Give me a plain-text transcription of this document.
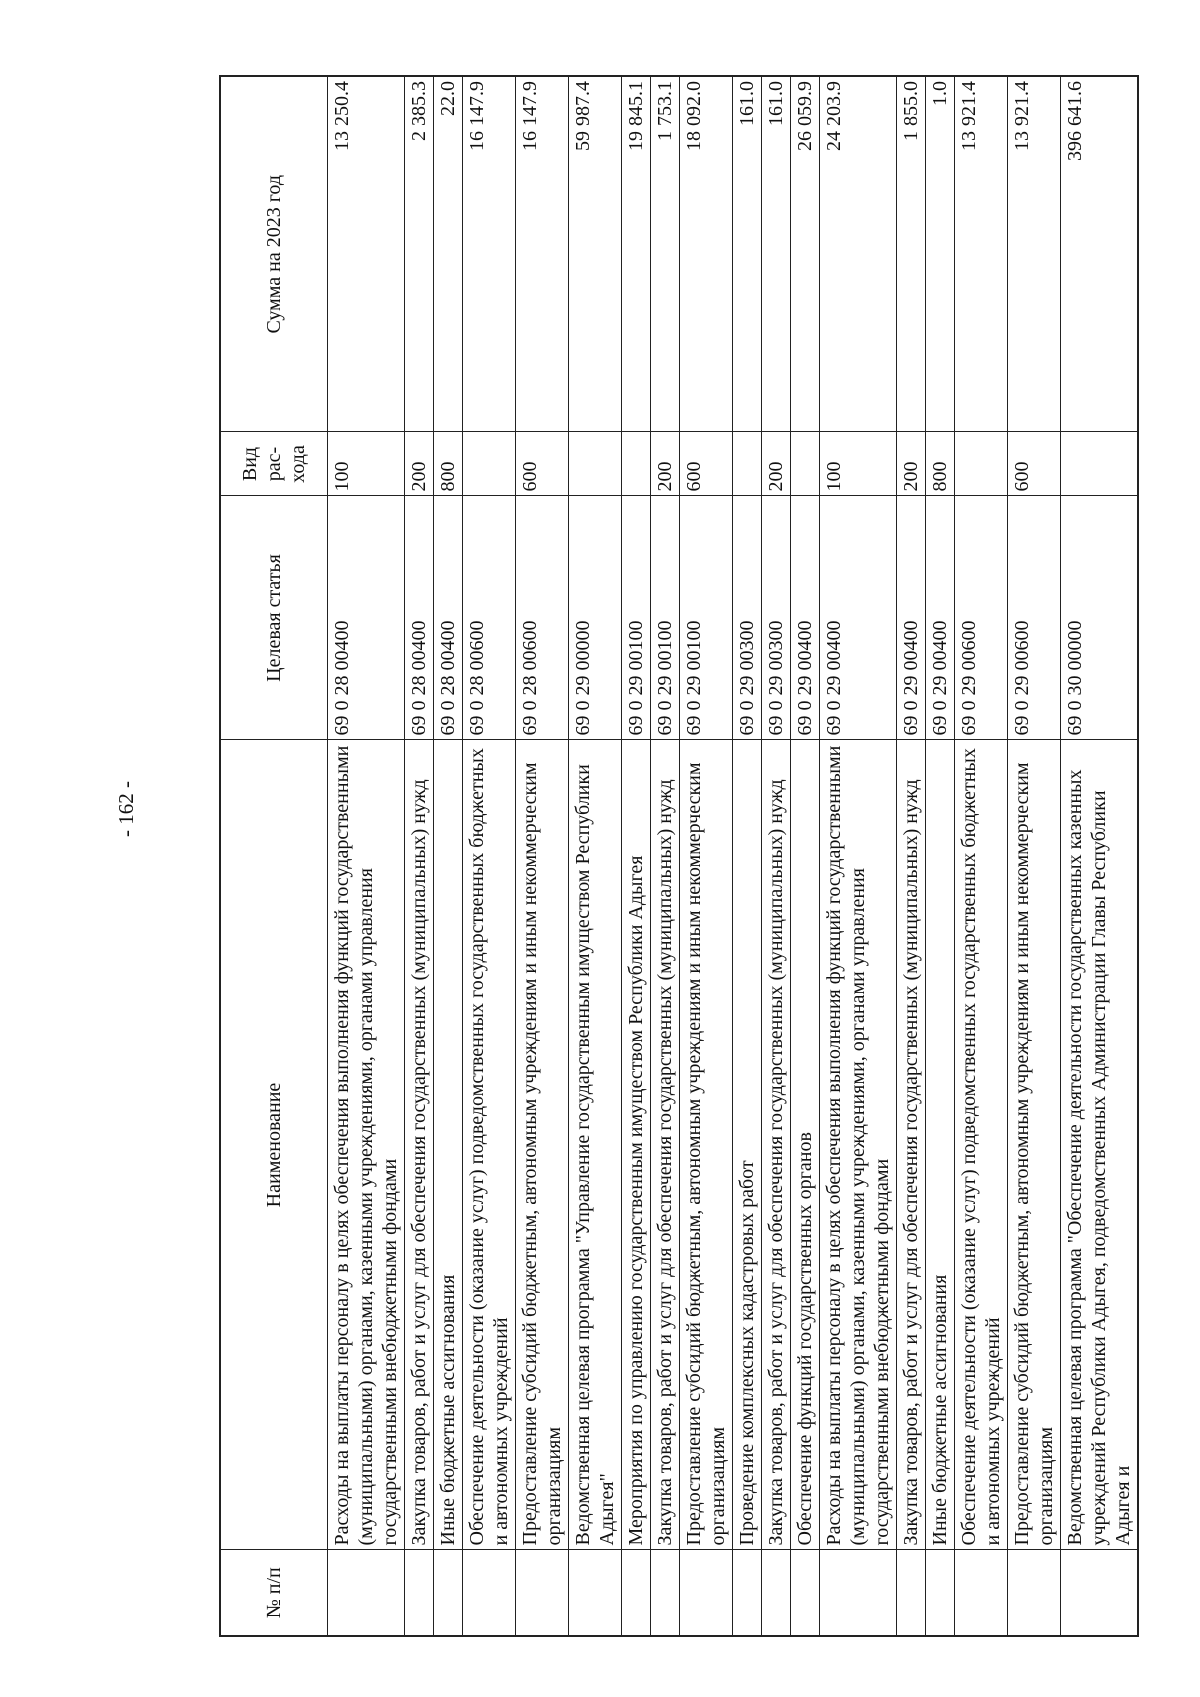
- 162 -
№ п/п	Наименование	Целевая статья	Вид рас-хода	Сумма на 2023 год
	Расходы на выплаты персоналу в целях обеспечения выполнения функций государственными (муниципальными) органами, казенными учреждениями, органами управления государственными внебюджетными фондами	69 0 28 00400	100	13 250.4
	Закупка товаров, работ и услуг для обеспечения государственных (муниципальных) нужд	69 0 28 00400	200	2 385.3
	Иные бюджетные ассигнования	69 0 28 00400	800	22.0
	Обеспечение деятельности (оказание услуг) подведомственных государственных бюджетных и автономных учреждений	69 0 28 00600		16 147.9
	Предоставление субсидий бюджетным, автономным учреждениям и иным некоммерческим организациям	69 0 28 00600	600	16 147.9
	Ведомственная целевая программа "Управление государственным имуществом Республики Адыгея"	69 0 29 00000		59 987.4
	Мероприятия по управлению государственным имуществом Республики Адыгея	69 0 29 00100		19 845.1
	Закупка товаров, работ и услуг для обеспечения государственных (муниципальных) нужд	69 0 29 00100	200	1 753.1
	Предоставление субсидий бюджетным, автономным учреждениям и иным некоммерческим организациям	69 0 29 00100	600	18 092.0
	Проведение комплексных кадастровых работ	69 0 29 00300		161.0
	Закупка товаров, работ и услуг для обеспечения государственных (муниципальных) нужд	69 0 29 00300	200	161.0
	Обеспечение функций государственных органов	69 0 29 00400		26 059.9
	Расходы на выплаты персоналу в целях обеспечения выполнения функций государственными (муниципальными) органами, казенными учреждениями, органами управления государственными внебюджетными фондами	69 0 29 00400	100	24 203.9
	Закупка товаров, работ и услуг для обеспечения государственных (муниципальных) нужд	69 0 29 00400	200	1 855.0
	Иные бюджетные ассигнования	69 0 29 00400	800	1.0
	Обеспечение деятельности (оказание услуг) подведомственных государственных бюджетных и автономных учреждений	69 0 29 00600		13 921.4
	Предоставление субсидий бюджетным, автономным учреждениям и иным некоммерческим организациям	69 0 29 00600	600	13 921.4
	Ведомственная целевая программа "Обеспечение деятельности государственных казенных учреждений Республики Адыгея, подведомственных Администрации Главы Республики Адыгея и	69 0 30 00000		396 641.6
